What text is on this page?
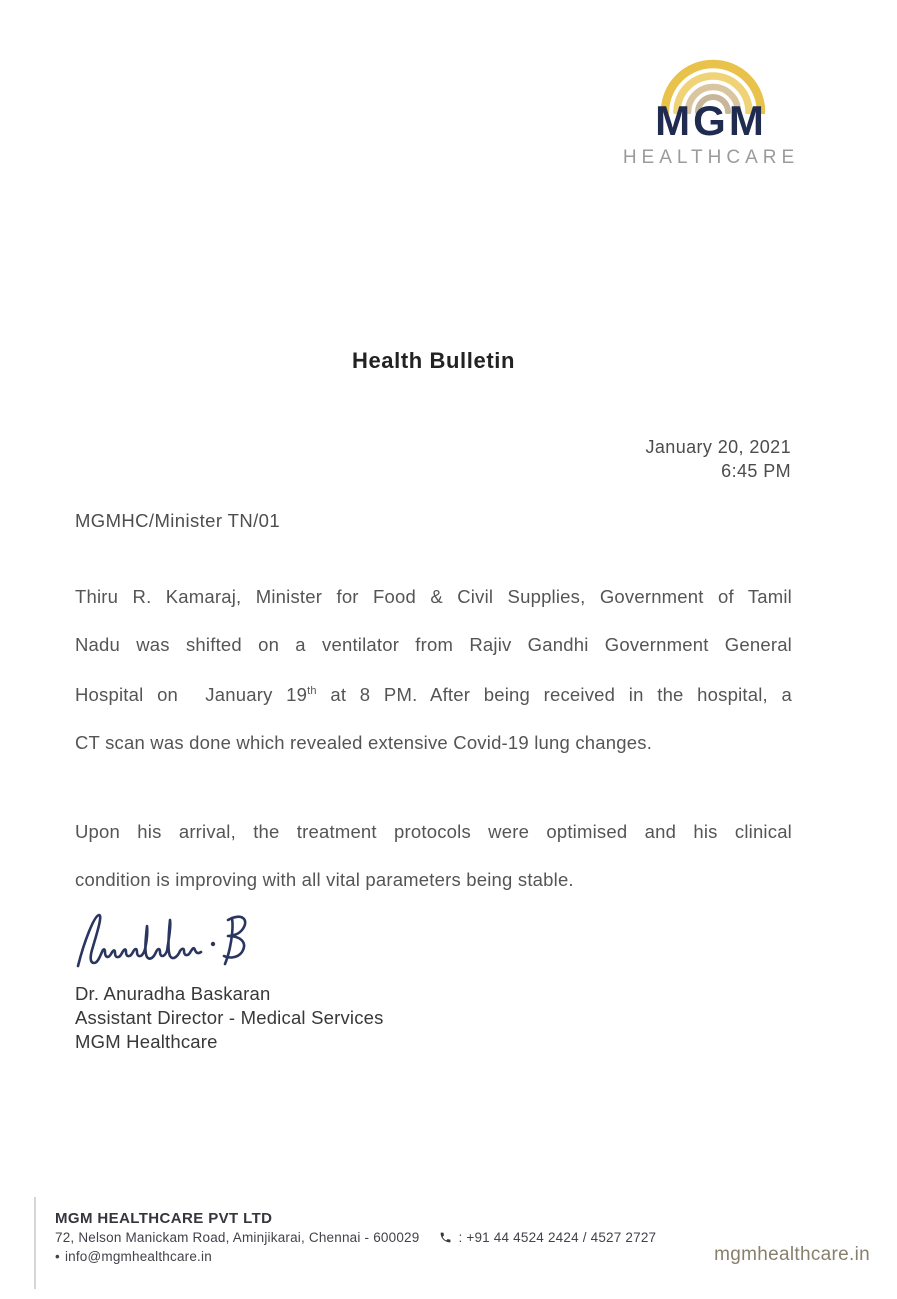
MGM
HEALTHCARE
Health Bulletin
January 20, 2021
6:45 PM
MGMHC/Minister TN/01
Thiru R. Kamaraj, Minister for Food & Civil Supplies, Government of Tamil
Nadu was shifted on a ventilator from Rajiv Gandhi Government General
Hospital on  January 19th at 8 PM. After being received in the hospital, a
CT scan was done which revealed extensive Covid-19 lung changes.
Upon his arrival, the treatment protocols were optimised and his clinical
condition is improving with all vital parameters being stable.
Dr. Anuradha Baskaran
Assistant Director - Medical Services
MGM Healthcare
MGM HEALTHCARE PVT LTD
72, Nelson Manickam Road, Aminjikarai, Chennai - 600029	: +91 44 4524 2424 / 4527 2727
• info@mgmhealthcare.in	mgmhealthcare.in
